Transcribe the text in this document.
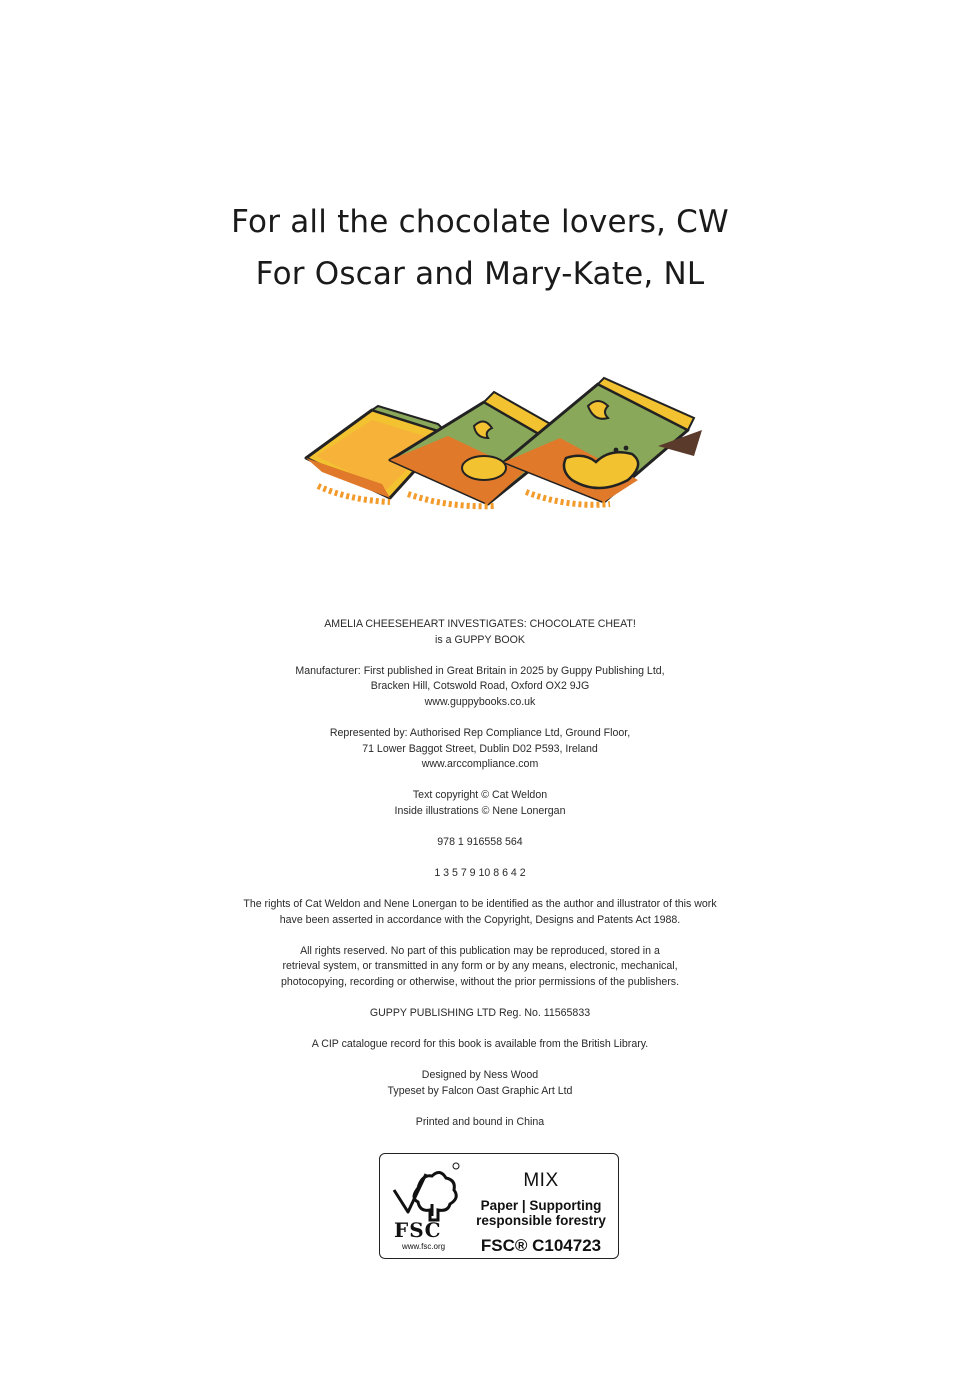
For all the chocolate lovers, CW
For Oscar and Mary-Kate, NL
AMELIA CHEESEHEART INVESTIGATES: CHOCOLATE CHEAT!
is a GUPPY BOOK
Manufacturer: First published in Great Britain in 2025 by Guppy Publishing Ltd,
Bracken Hill, Cotswold Road, Oxford OX2 9JG
www.guppybooks.co.uk
Represented by: Authorised Rep Compliance Ltd, Ground Floor,
71 Lower Baggot Street, Dublin D02 P593, Ireland
www.arccompliance.com
Text copyright © Cat Weldon
Inside illustrations © Nene Lonergan
978 1 916558 564
1 3 5 7 9 10 8 6 4 2
The rights of Cat Weldon and Nene Lonergan to be identified as the author and illustrator of this work
have been asserted in accordance with the Copyright, Designs and Patents Act 1988.
All rights reserved. No part of this publication may be reproduced, stored in a
retrieval system, or transmitted in any form or by any means, electronic, mechanical,
photocopying, recording or otherwise, without the prior permissions of the publishers.
GUPPY PUBLISHING LTD Reg. No. 11565833
A CIP catalogue record for this book is available from the British Library.
Designed by Ness Wood
Typeset by Falcon Oast Graphic Art Ltd
Printed and bound in China
FSC
www.fsc.org
MIX
Paper | Supporting
responsible forestry
FSC® C104723
